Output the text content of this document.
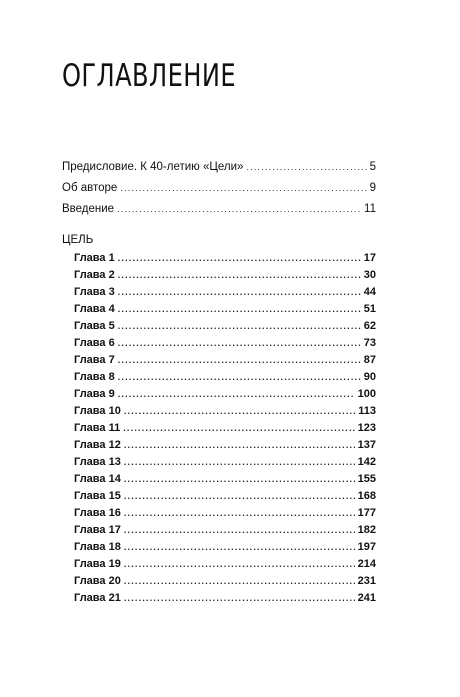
ОГЛАВЛЕНИЕ
Предисловие. К 40-летию «Цели» .....	5
Об авторе .....	9
Введение .....	11
ЦЕЛЬ
Глава 1 .....	17
Глава 2 .....	30
Глава 3 .....	44
Глава 4 .....	51
Глава 5 .....	62
Глава 6 .....	73
Глава 7 .....	87
Глава 8 .....	90
Глава 9 .....	100
Глава 10 .....	113
Глава 11 .....	123
Глава 12 .....	137
Глава 13 .....	142
Глава 14 .....	155
Глава 15 .....	168
Глава 16 .....	177
Глава 17 .....	182
Глава 18 .....	197
Глава 19 .....	214
Глава 20 .....	231
Глава 21 .....	241
